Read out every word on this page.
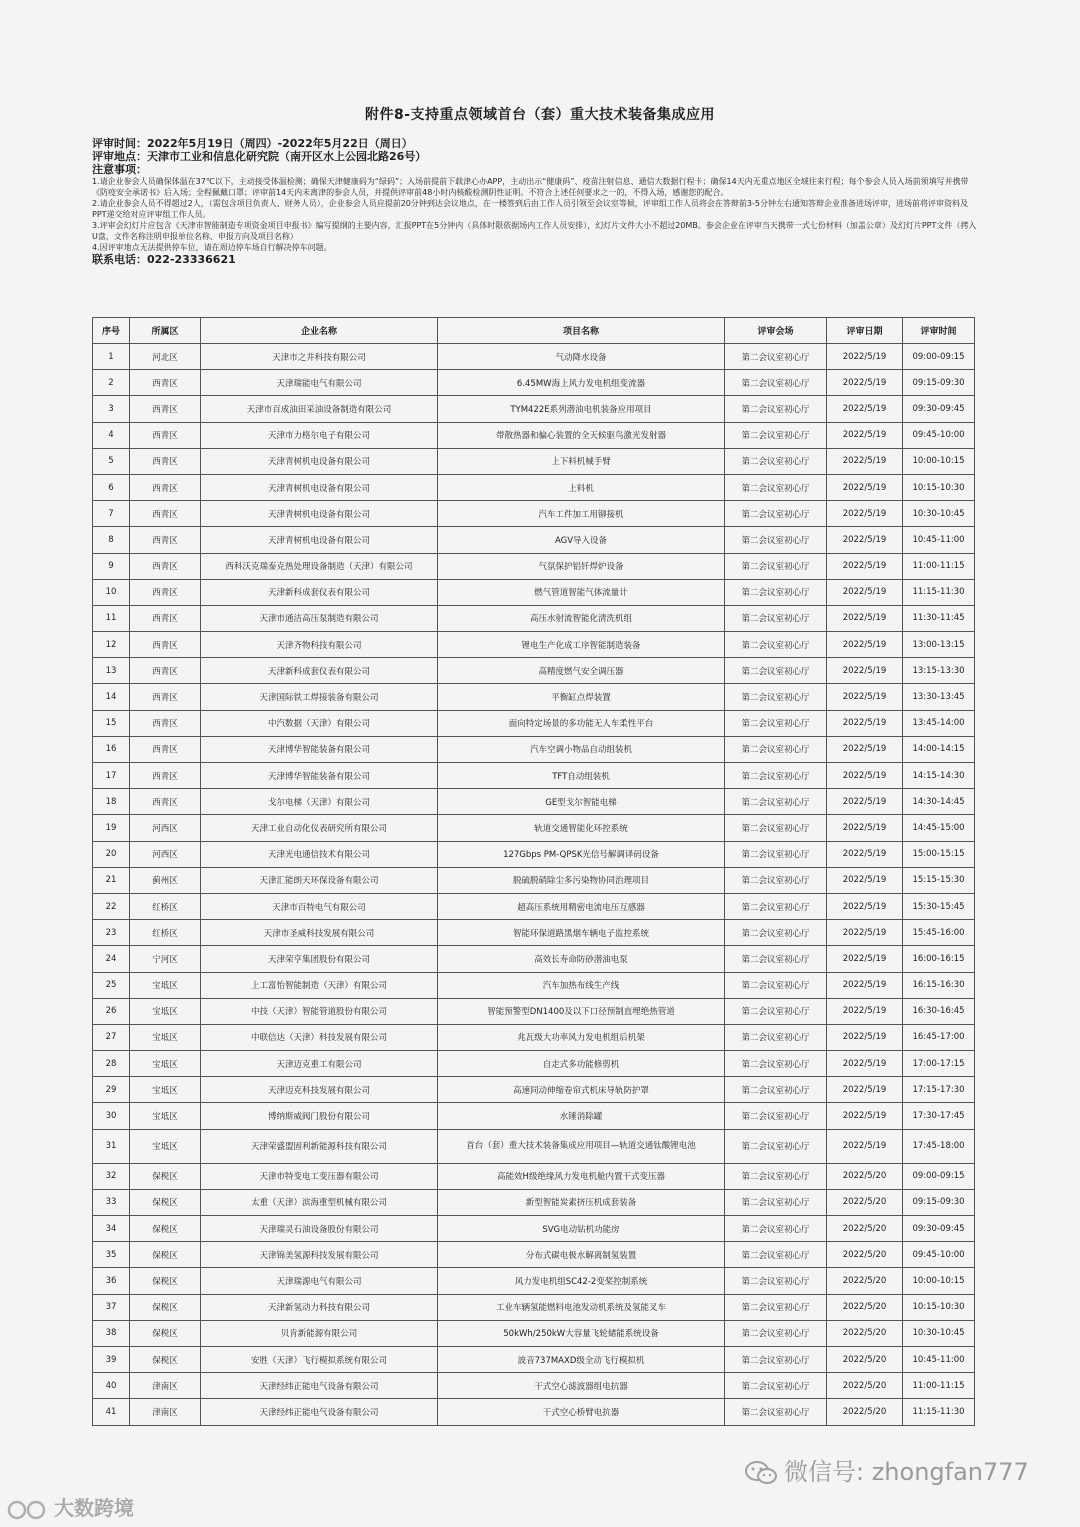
附件8-支持重点领域首台（套）重大技术装备集成应用
评审时间：2022年5月19日（周四）-2022年5月22日（周日）
评审地点：天津市工业和信息化研究院（南开区水上公园北路26号）
注意事项：

1.请企业参会人员确保体温在37℃以下，主动接受体温检测；确保天津健康码为“绿码”；入场前提前下载津心办APP，主动出示“健康码”、疫苗注射信息、通信大数据行程卡；确保14天内无重点地区全域往来行程；每个参会人员入场前须填写并携带《防疫安全承诺书》后入场；全程佩戴口罩；评审前14天内未离津的参会人员，并提供评审前48小时内核酸检测阴性证明。不符合上述任何要求之一的，不得入场，感谢您的配合。

2.请企业参会人员不得超过2人，（需包含项目负责人、财务人员），企业参会人员应提前20分钟到达会议地点，在一楼签到后由工作人员引领至会议室等候，评审组工作人员将会在答辩前3-5分钟左右通知答辩企业准备进场评审，进场前将评审资料及PPT递交给对应评审组工作人员。

3.评审会幻灯片应包含《天津市智能制造专项资金项目申报书》编写提纲的主要内容，汇报PPT在5分钟内（具体时限依据场内工作人员安排），幻灯片文件大小不超过20MB。参会企业在评审当天携带一式七份材料（加盖公章）及幻灯片PPT文件（拷入U盘，文件名称注明申报单位名称、申报方向及项目名称）

4.因评审地点无法提供停车位，请在周边停车场自行解决停车问题。

联系电话：022-23336621
序号	所属区	企业名称	项目名称	评审会场	评审日期	评审时间
1	河北区	天津市之井科技有限公司	气动降水设备	第二会议室初心厅	2022/5/19	09:00-09:15
2	西青区	天津瑞能电气有限公司	6.45MW海上风力发电机组变流器	第二会议室初心厅	2022/5/19	09:15-09:30
3	西青区	天津市百成油田采油设备制造有限公司	TYM422E系列潜油电机装备应用项目	第二会议室初心厅	2022/5/19	09:30-09:45
4	西青区	天津市力格尔电子有限公司	带散热器和偏心装置的全天候驱鸟激光发射器	第二会议室初心厅	2022/5/19	09:45-10:00
5	西青区	天津青树机电设备有限公司	上下料机械手臂	第二会议室初心厅	2022/5/19	10:00-10:15
6	西青区	天津青树机电设备有限公司	上料机	第二会议室初心厅	2022/5/19	10:15-10:30
7	西青区	天津青树机电设备有限公司	汽车工件加工用铆接机	第二会议室初心厅	2022/5/19	10:30-10:45
8	西青区	天津青树机电设备有限公司	AGV导入设备	第二会议室初心厅	2022/5/19	10:45-11:00
9	西青区	西科沃克瑞泰克热处理设备制造（天津）有限公司	气氛保护铝钎焊炉设备	第二会议室初心厅	2022/5/19	11:00-11:15
10	西青区	天津新科成套仪表有限公司	燃气管道智能气体流量计	第二会议室初心厅	2022/5/19	11:15-11:30
11	西青区	天津市通洁高压泵制造有限公司	高压水射流智能化清洗机组	第二会议室初心厅	2022/5/19	11:30-11:45
12	西青区	天津齐物科技有限公司	锂电生产化成工序智能制造装备	第二会议室初心厅	2022/5/19	13:00-13:15
13	西青区	天津新科成套仪表有限公司	高精度燃气安全调压器	第二会议室初心厅	2022/5/19	13:15-13:30
14	西青区	天津国际铁工焊接装备有限公司	平衡缸点焊装置	第二会议室初心厅	2022/5/19	13:30-13:45
15	西青区	中汽数据（天津）有限公司	面向特定场景的多功能无人车柔性平台	第二会议室初心厅	2022/5/19	13:45-14:00
16	西青区	天津博华智能装备有限公司	汽车空调小物品自动组装机	第二会议室初心厅	2022/5/19	14:00-14:15
17	西青区	天津博华智能装备有限公司	TFT自动组装机	第二会议室初心厅	2022/5/19	14:15-14:30
18	西青区	戈尔电梯（天津）有限公司	GE型戈尔智能电梯	第二会议室初心厅	2022/5/19	14:30-14:45
19	河西区	天津工业自动化仪表研究所有限公司	轨道交通智能化环控系统	第二会议室初心厅	2022/5/19	14:45-15:00
20	河西区	天津光电通信技术有限公司	127Gbps PM-QPSK光信号解调译码设备	第二会议室初心厅	2022/5/19	15:00-15:15
21	蓟州区	天津汇能朗天环保设备有限公司	脱硫脱硝除尘多污染物协同治理项目	第二会议室初心厅	2022/5/19	15:15-15:30
22	红桥区	天津市百特电气有限公司	超高压系统用精密电流电压互感器	第二会议室初心厅	2022/5/19	15:30-15:45
23	红桥区	天津市圣威科技发展有限公司	智能环保道路黑烟车辆电子监控系统	第二会议室初心厅	2022/5/19	15:45-16:00
24	宁河区	天津荣亨集团股份有限公司	高效长寿命防砂潜油电泵	第二会议室初心厅	2022/5/19	16:00-16:15
25	宝坻区	上工富怡智能制造（天津）有限公司	汽车加热布线生产线	第二会议室初心厅	2022/5/19	16:15-16:30
26	宝坻区	中技（天津）智能管道股份有限公司	智能预警型DN1400及以下口径预制直埋绝热管道	第二会议室初心厅	2022/5/19	16:30-16:45
27	宝坻区	中联信达（天津）科技发展有限公司	兆瓦级大功率风力发电机组后机架	第二会议室初心厅	2022/5/19	16:45-17:00
28	宝坻区	天津迈克重工有限公司	自走式多功能修剪机	第二会议室初心厅	2022/5/19	17:00-17:15
29	宝坻区	天津迈克科技发展有限公司	高速同动伸缩卷帘式机床导轨防护罩	第二会议室初心厅	2022/5/19	17:15-17:30
30	宝坻区	博纳斯威阀门股份有限公司	水锤消除罐	第二会议室初心厅	2022/5/19	17:30-17:45
31	宝坻区	天津荣盛盟固利新能源科技有限公司	首台（套）重大技术装备集成应用项目—轨道交通钛酸锂电池	第二会议室初心厅	2022/5/19	17:45-18:00
32	保税区	天津市特变电工变压器有限公司	高能效H级绝缘风力发电机舱内置干式变压器	第二会议室初心厅	2022/5/20	09:00-09:15
33	保税区	太重（天津）滨海重型机械有限公司	新型智能炭素挤压机成套装备	第二会议室初心厅	2022/5/20	09:15-09:30
34	保税区	天津瑞灵石油设备股份有限公司	SVG电动钻机功能房	第二会议室初心厅	2022/5/20	09:30-09:45
35	保税区	天津锦美氢源科技发展有限公司	分布式碳电极水解离制氢装置	第二会议室初心厅	2022/5/20	09:45-10:00
36	保税区	天津瑞源电气有限公司	风力发电机组SC42-2变桨控制系统	第二会议室初心厅	2022/5/20	10:00-10:15
37	保税区	天津新氢动力科技有限公司	工业车辆氢能燃料电池发动机系统及氢能叉车	第二会议室初心厅	2022/5/20	10:15-10:30
38	保税区	贝肯新能源有限公司	50kWh/250kW大容量飞轮储能系统设备	第二会议室初心厅	2022/5/20	10:30-10:45
39	保税区	安胜（天津）飞行模拟系统有限公司	波音737MAXD级全动飞行模拟机	第二会议室初心厅	2022/5/20	10:45-11:00
40	津南区	天津经纬正能电气设备有限公司	干式空心滤波器组电抗器	第二会议室初心厅	2022/5/20	11:00-11:15
41	津南区	天津经纬正能电气设备有限公司	干式空心桥臂电抗器	第二会议室初心厅	2022/5/20	11:15-11:30
微信号: zhongfan777
大数跨境
